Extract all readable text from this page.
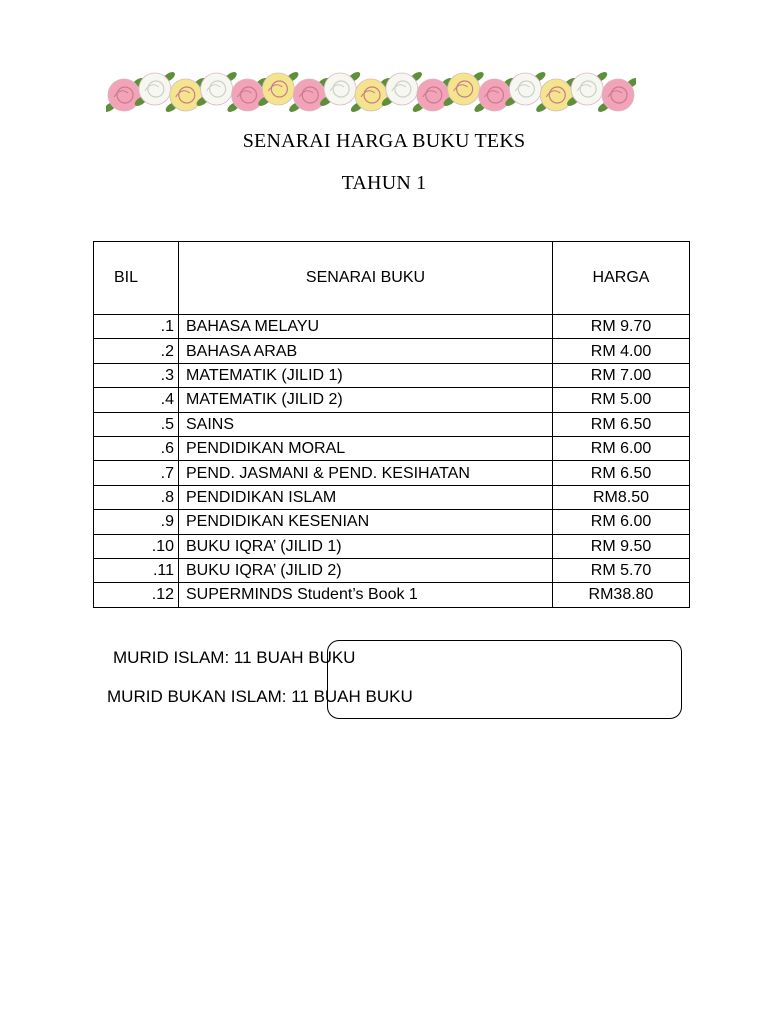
SENARAI HARGA BUKU TEKS
TAHUN 1
BIL	SENARAI BUKU	HARGA
.1	BAHASA MELAYU	RM 9.70
.2	BAHASA ARAB	RM 4.00
.3	MATEMATIK (JILID 1)	RM 7.00
.4	MATEMATIK (JILID 2)	RM 5.00
.5	SAINS	RM 6.50
.6	PENDIDIKAN MORAL	RM 6.00
.7	PEND. JASMANI & PEND. KESIHATAN	RM 6.50
.8	PENDIDIKAN ISLAM	RM8.50
.9	PENDIDIKAN KESENIAN	RM 6.00
.10	BUKU IQRA’ (JILID 1)	RM 9.50
.11	BUKU IQRA’ (JILID 2)	RM 5.70
.12	SUPERMINDS Student’s Book 1	RM38.80
MURID ISLAM: 11 BUAH BUKU
MURID BUKAN ISLAM: 11 BUAH BUKU
